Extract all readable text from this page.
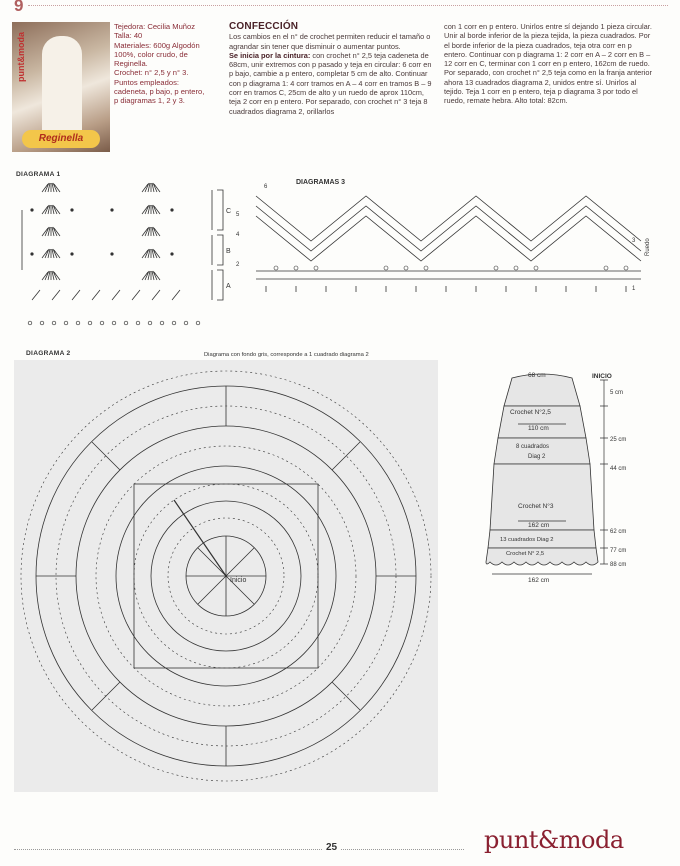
9
punt&moda
Reginella
Tejedora: Cecilia Muñoz
Talla: 40
Materiales: 600g Algodón
100%, color crudo, de
Reginella.
Crochet: n° 2,5 y n° 3.
Puntos empleados:
cadeneta, p bajo, p entero,
p diagramas 1, 2 y 3.
CONFECCIÓN

Los cambios en el n° de crochet permiten reducir el tamaño o agrandar sin tener que disminuir o aumentar puntos.

Se inicia por la cintura: con crochet n° 2,5 teja cadeneta de 68cm, unir extremos con p pasado y teja en circular: 6 corr en p bajo, cambie a p entero, completar 5 cm de alto. Continuar con p diagrama 1: 4 corr tramos en A – 4 corr en tramos B – 9 corr en tramos C, 25cm de alto y un ruedo de aprox 110cm, teja 2 corr en p entero. Por separado, con crochet n° 3 teja 8 cuadrados diagrama 2, orillarlos

con 1 corr en p entero. Unirlos entre sí dejando 1 pieza circular. Unir al borde inferior de la pieza tejida, la pieza cuadrados. Por el borde inferior de la pieza cuadrados, teja otra corr en p entero. Continuar con p diagrama 1: 2 corr en A – 2 corr en B – 12 corr en C, terminar con 1 corr en p entero, 162cm de ruedo. Por separado, con crochet n° 2,5 teja como en la franja anterior ahora 13 cuadrados diagrama 2, unidos entre sí. Unirlos al tejido. Teja 1 corr en p entero, teja p diagrama 3 por todo el ruedo, remate hebra. Alto total: 82cm.

DIAGRAMA 1
C
B
A
DIAGRAMAS 3
6
5
4
3
2
1
Ruedo
DIAGRAMA 2	Diagrama con fondo gris, corresponde a 1 cuadrado diagrama 2
Inicio
68 cm	INICIO
Crochet N°2,5
110 cm
8 cuadrados
Diag 2
Crochet N°3
162 cm
13 cuadrados Diag 2
Crochet N° 2,5
162 cm
5 cm
25 cm
44 cm
62 cm
77 cm
88 cm
25	punt&moda
